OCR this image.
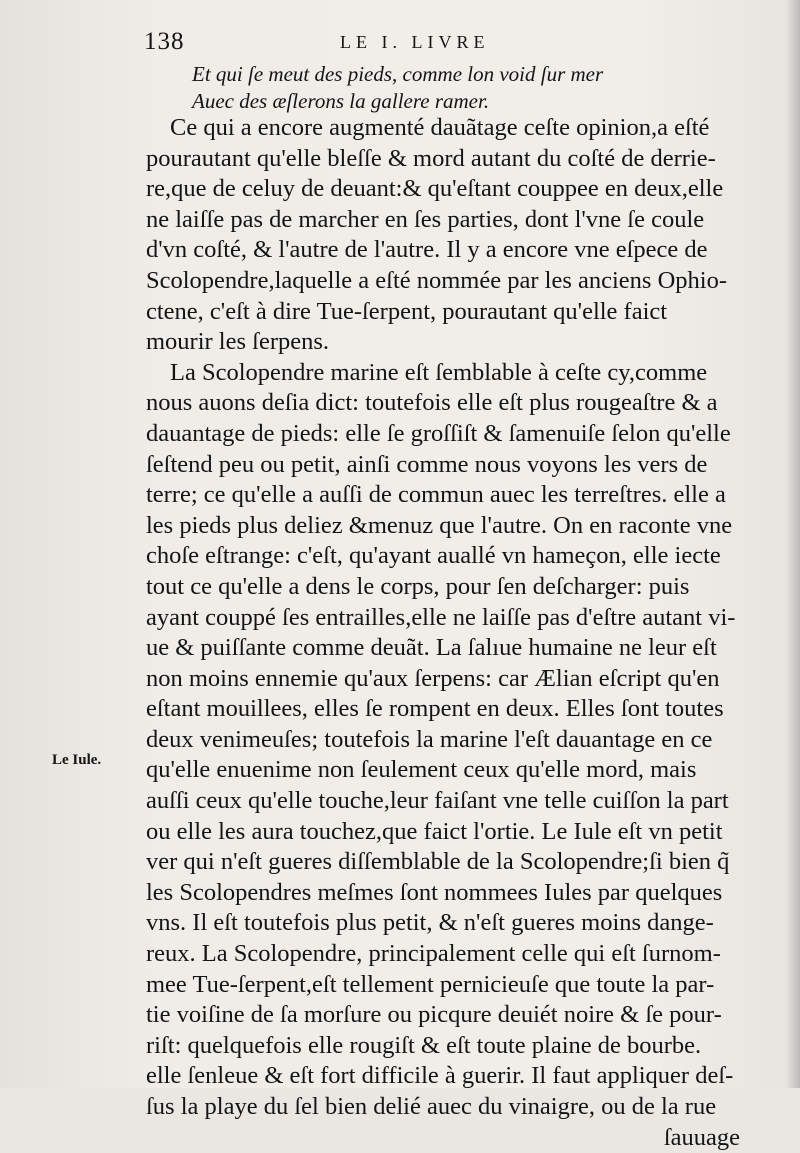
138	LE I. LIVRE
Et qui ſe meut des pieds, comme lon void ſur mer
Auec des æſlerons la gallere ramer.
Le Iule.
Ce qui a encore augmenté dauãtage ceſte opinion,a eſté
pourautant qu'elle bleſſe & mord autant du coſté de derrie-
re,que de celuy de deuant:& qu'eſtant couppee en deux,elle
ne laiſſe pas de marcher en ſes parties, dont l'vne ſe coule
d'vn coſté, & l'autre de l'autre. Il y a encore vne eſpece de
Scolopendre,laquelle a eſté nommée par les anciens Ophio-
ctene, c'eſt à dire Tue-ſerpent, pourautant qu'elle faict
mourir les ſerpens.
La Scolopendre marine eſt ſemblable à ceſte cy,comme
nous auons deſia dict: toutefois elle eſt plus rougeaſtre & a
dauantage de pieds: elle ſe groſſiſt & ſamenuiſe ſelon qu'elle
ſeſtend peu ou petit, ainſi comme nous voyons les vers de
terre; ce qu'elle a auſſi de commun auec les terreſtres. elle a
les pieds plus deliez &menuz que l'autre. On en raconte vne
choſe eſtrange: c'eſt, qu'ayant auallé vn hameçon, elle iecte
tout ce qu'elle a dens le corps, pour ſen deſcharger: puis
ayant couppé ſes entrailles,elle ne laiſſe pas d'eſtre autant vi-
ue & puiſſante comme deuãt. La ſalıue humaine ne leur eſt
non moins ennemie qu'aux ſerpens: car Ælian eſcript qu'en
eſtant mouillees, elles ſe rompent en deux. Elles ſont toutes
deux venimeuſes; toutefois la marine l'eſt dauantage en ce
qu'elle enuenime non ſeulement ceux qu'elle mord, mais
auſſi ceux qu'elle touche,leur faiſant vne telle cuiſſon la part
ou elle les aura touchez,que faict l'ortie. Le Iule eſt vn petit
ver qui n'eſt gueres diſſemblable de la Scolopendre;ſi bien q̃
les Scolopendres meſmes ſont nommees Iules par quelques
vns. Il eſt toutefois plus petit, & n'eſt gueres moins dange-
reux. La Scolopendre, principalement celle qui eſt ſurnom-
mee Tue-ſerpent,eſt tellement pernicieuſe que toute la par-
tie voiſine de ſa morſure ou picqure deuiét noire & ſe pour-
riſt: quelquefois elle rougiſt & eſt toute plaine de bourbe.
elle ſenleue & eſt fort difficile à guerir. Il faut appliquer deſ-
ſus la playe du ſel bien delié auec du vinaigre, ou de la rue
ſauuage
